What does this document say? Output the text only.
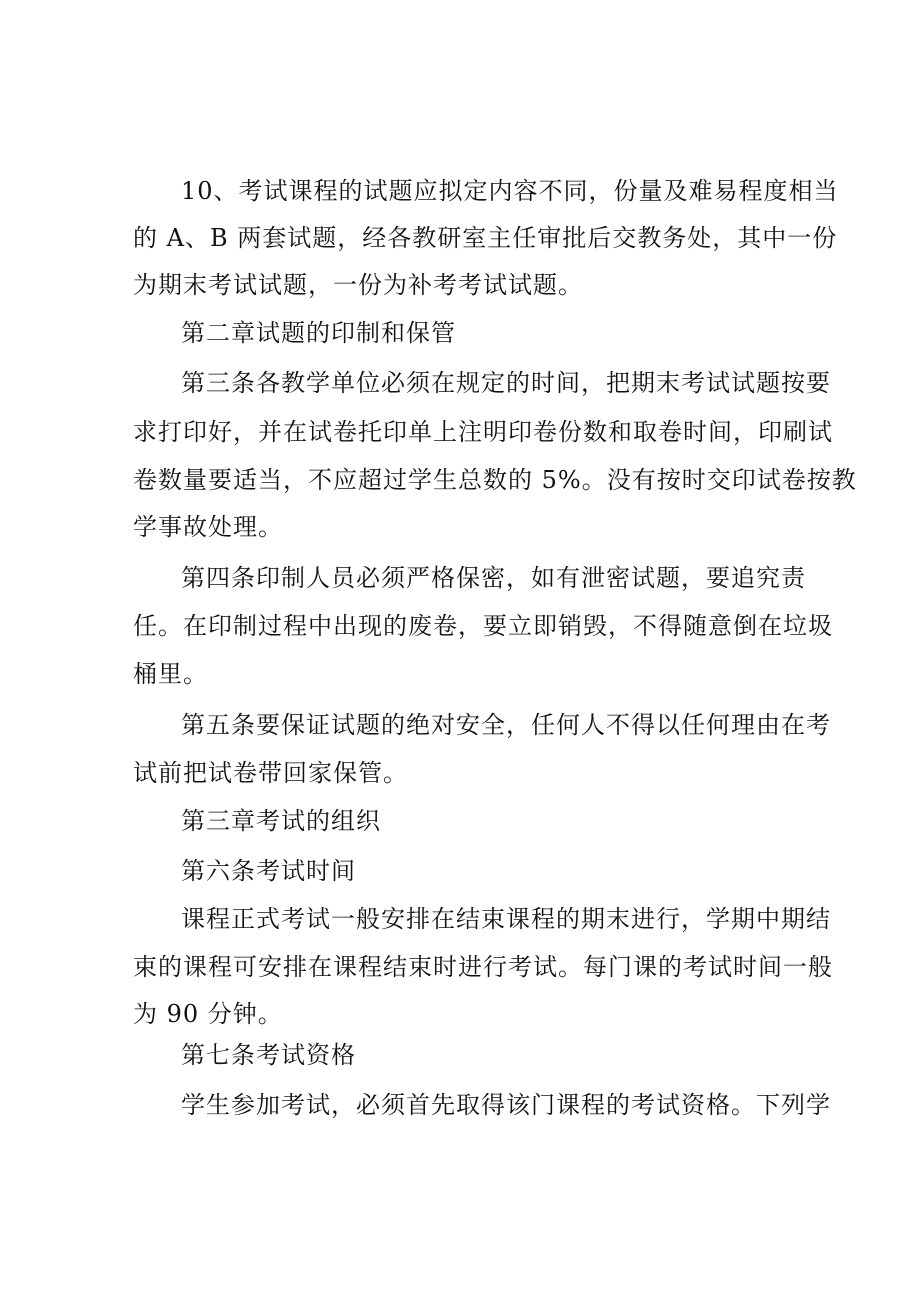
10、考试课程的试题应拟定内容不同，份量及难易程度相当
的 A、B 两套试题，经各教研室主任审批后交教务处，其中一份
为期末考试试题，一份为补考考试试题。
第二章试题的印制和保管
第三条各教学单位必须在规定的时间，把期末考试试题按要
求打印好，并在试卷托印单上注明印卷份数和取卷时间，印刷试
卷数量要适当，不应超过学生总数的 5%。没有按时交印试卷按教
学事故处理。
第四条印制人员必须严格保密，如有泄密试题，要追究责
任。在印制过程中出现的废卷，要立即销毁，不得随意倒在垃圾
桶里。
第五条要保证试题的绝对安全，任何人不得以任何理由在考
试前把试卷带回家保管。
第三章考试的组织
第六条考试时间
课程正式考试一般安排在结束课程的期末进行，学期中期结
束的课程可安排在课程结束时进行考试。每门课的考试时间一般
为 90 分钟。
第七条考试资格
学生参加考试，必须首先取得该门课程的考试资格。下列学
